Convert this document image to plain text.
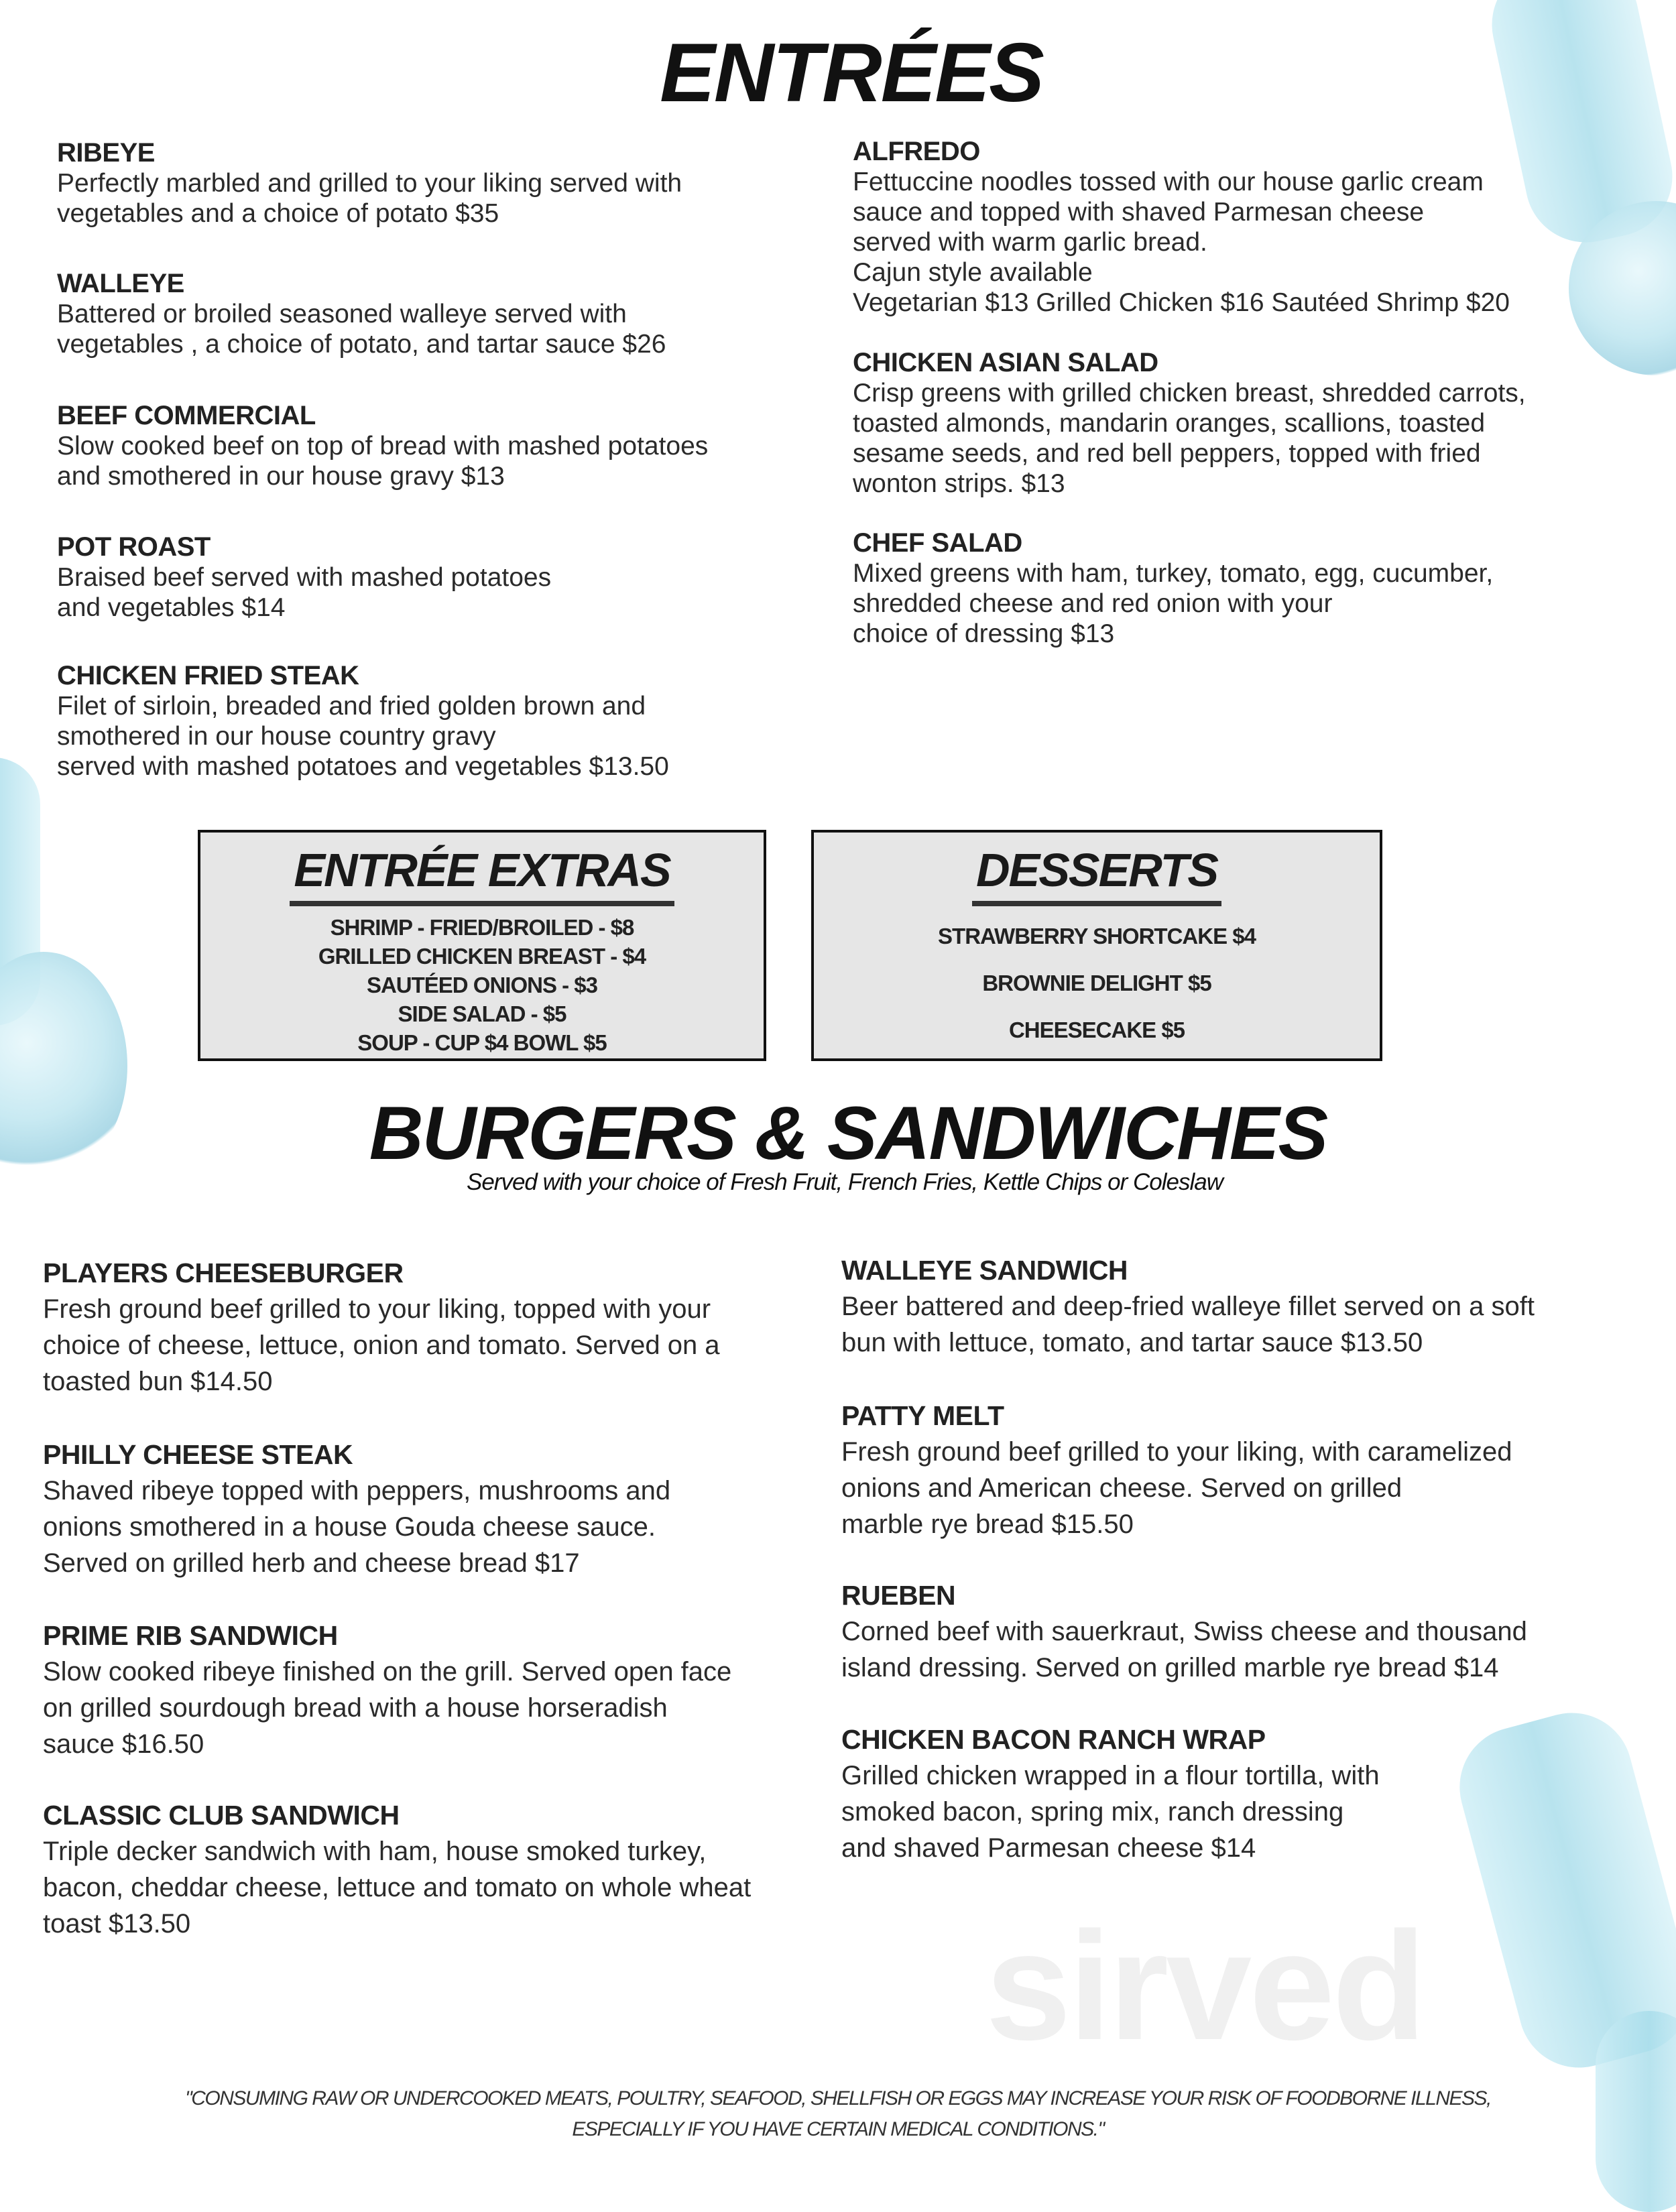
sirved
ENTRÉES
RIBEYE

Perfectly marbled and grilled to your liking served with
vegetables and a choice of potato $35

WALLEYE

Battered or broiled seasoned walleye served with
vegetables , a choice of potato, and tartar sauce $26

BEEF COMMERCIAL

Slow cooked beef on top of bread with mashed potatoes
and smothered in our house gravy $13

POT ROAST

Braised beef served with mashed potatoes
and vegetables $14

CHICKEN FRIED STEAK

Filet of sirloin, breaded and fried golden brown and
smothered in our house country gravy
served with mashed potatoes and vegetables $13.50

ALFREDO

Fettuccine noodles tossed with our house garlic cream
sauce and topped with shaved Parmesan cheese
served with warm garlic bread.
Cajun style available
Vegetarian $13 Grilled Chicken $16 Sautéed Shrimp $20

CHICKEN ASIAN SALAD

Crisp greens with grilled chicken breast, shredded carrots,
toasted almonds, mandarin oranges, scallions, toasted
sesame seeds, and red bell peppers, topped with fried
wonton strips. $13

CHEF SALAD

Mixed greens with ham, turkey, tomato, egg, cucumber,
shredded cheese and red onion with your
choice of dressing $13

ENTRÉE EXTRAS
SHRIMP - FRIED/BROILED - $8
GRILLED CHICKEN BREAST - $4
SAUTÉED ONIONS - $3
SIDE SALAD - $5
SOUP - CUP $4 BOWL $5
DESSERTS
STRAWBERRY SHORTCAKE $4
BROWNIE DELIGHT $5
CHEESECAKE $5
BURGERS & SANDWICHES
Served with your choice of Fresh Fruit, French Fries, Kettle Chips or Coleslaw
PLAYERS CHEESEBURGER

Fresh ground beef grilled to your liking, topped with your
choice of cheese, lettuce, onion and tomato. Served on a
toasted bun $14.50

PHILLY CHEESE STEAK

Shaved ribeye topped with peppers, mushrooms and
onions smothered in a house Gouda cheese sauce.
Served on grilled herb and cheese bread $17

PRIME RIB SANDWICH

Slow cooked ribeye finished on the grill. Served open face
on grilled sourdough bread with a house horseradish
sauce $16.50

CLASSIC CLUB SANDWICH

Triple decker sandwich with ham, house smoked turkey,
bacon, cheddar cheese, lettuce and tomato on whole wheat
toast $13.50

WALLEYE SANDWICH

Beer battered and deep-fried walleye fillet served on a soft
bun with lettuce, tomato, and tartar sauce $13.50

PATTY MELT

Fresh ground beef grilled to your liking, with caramelized
onions and American cheese. Served on grilled
marble rye bread $15.50

RUEBEN

Corned beef with sauerkraut, Swiss cheese and thousand
island dressing. Served on grilled marble rye bread $14

CHICKEN BACON RANCH WRAP

Grilled chicken wrapped in a flour tortilla, with
smoked bacon, spring mix, ranch dressing
and shaved Parmesan cheese $14

"CONSUMING RAW OR UNDERCOOKED MEATS, POULTRY, SEAFOOD, SHELLFISH OR EGGS MAY INCREASE YOUR RISK OF FOODBORNE ILLNESS,
ESPECIALLY IF YOU HAVE CERTAIN MEDICAL CONDITIONS."
